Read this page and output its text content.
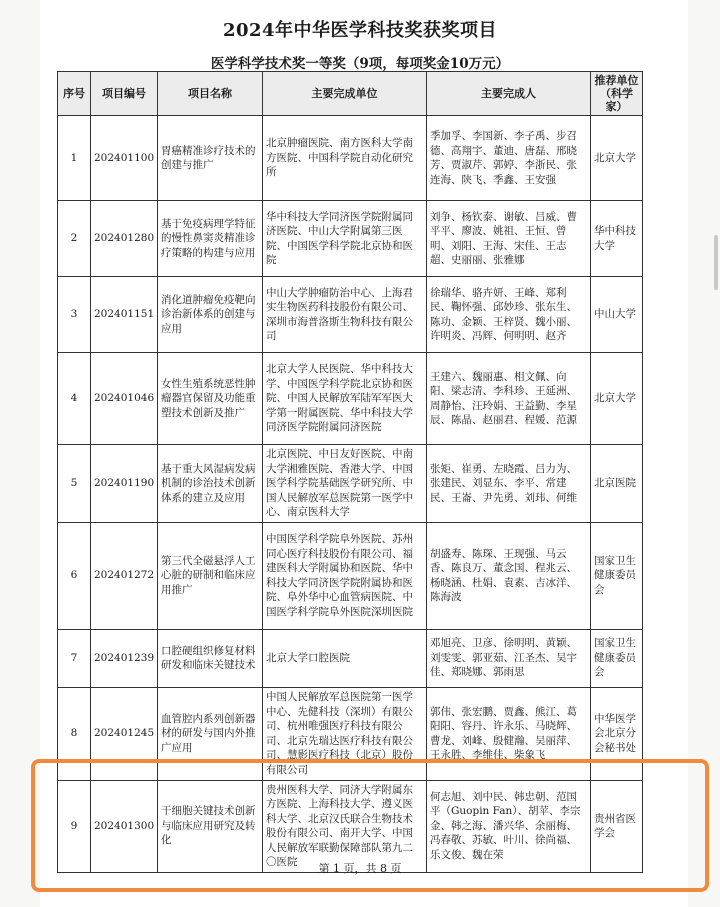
2024年中华医学科技奖获奖项目
医学科学技术奖一等奖（9项，每项奖金10万元）
序号	项目编号	项目名称	主要完成单位	主要完成人	推荐单位（科学家）
1	202401100	胃癌精准诊疗技术的创建与推广	北京肿瘤医院、南方医科大学南方医院、中国科学院自动化研究所	季加孚、李国新、李子禹、步召德、高翔宇、董迪、唐磊、邢晓芳、贾淑芹、郭婷、李浙民、张连海、陕飞、季鑫、王安强	北京大学
2	202401280	基于免疫病理学特征的慢性鼻窦炎精准诊疗策略的构建与应用	华中科技大学同济医学院附属同济医院、中山大学附属第三医院、中国医学科学院北京协和医院	刘争、杨钦泰、谢敏、吕威、曹平平、廖波、姚祖、王恒、曾明、刘阳、王海、宋佳、王志超、史丽丽、张雅娜	华中科技大学
3	202401151	消化道肿瘤免疫靶向诊治新体系的创建与应用	中山大学肿瘤防治中心、上海君实生物医药科技股份有限公司、深圳市海普洛斯生物科技有限公司	徐瑞华、骆卉妍、王峰、郑利民、鞠怀强、邱妙珍、张东生、陈功、金颖、王梓贤、魏小丽、许明炎、冯辉、何明明、赵齐	中山大学
4	202401046	女性生殖系统恶性肿瘤器官保留及功能重塑技术创新及推广	北京大学人民医院、华中科技大学、中国医学科学院北京协和医院、中国人民解放军陆军军医大学第一附属医院、华中科技大学同济医学院附属同济医院	王建六、魏丽惠、相文佩、向阳、梁志清、李科珍、王延洲、周静怡、汪玲娟、王益勤、李星辰、陈晶、赵丽君、程媛、范源	北京大学
5	202401190	基于重大风湿病发病机制的诊治技术创新体系的建立及应用	北京医院、中日友好医院、中南大学湘雅医院、香港大学、中国医学科学院基础医学研究所、中国人民解放军总医院第一医学中心、南京医科大学	张矩、崔勇、左晓霞、吕力为、张建民、刘显东、李平、常建民、王崙、尹先勇、刘玮、何维	北京医院
6	202401272	第三代全磁悬浮人工心脏的研制和临床应用推广	中国医学科学院阜外医院、苏州同心医疗科技股份有限公司、福建医科大学附属协和医院、华中科技大学同济医学院附属协和医院、阜外华中心血管病医院、中国医学科学院阜外医院深圳医院	胡盛寿、陈琛、王现强、马云香、陈良万、董念国、程兆云、杨晓涵、杜娟、袁素、吉冰洋、陈海波	国家卫生健康委员会
7	202401239	口腔硬组织修复材料研发和临床关键技术	北京大学口腔医院	邓旭亮、卫彦、徐明明、黄颖、刘雯雯、郭亚茹、江圣杰、吴宇佳、郑晓娜、郭雨思	国家卫生健康委员会
8	202401245	血管腔内系列创新器材的研发与国内外推广应用	中国人民解放军总医院第一医学中心、先健科技（深圳）有限公司、杭州唯强医疗科技有限公司、北京先瑞达医疗科技有限公司、慧影医疗科技（北京）股份有限公司	郭伟、张宏鹏、贾鑫、熊江、葛阳阳、容丹、许永乐、马晓辉、曹龙、刘峰、殷健瀚、吴丽萍、王永胜、李维佳、柴象飞	中华医学会北京分会秘书处
9	202401300	干细胞关键技术创新与临床应用研究及转化	贵州医科大学、同济大学附属东方医院、上海科技大学、遵义医科大学、北京汉氏联合生物技术股份有限公司、南开大学、中国人民解放军联勤保障部队第九二〇医院	何志旭、刘中民、韩忠朝、范国平（Guopin Fan）、胡苹、李宗金、韩之海、潘兴华、余丽梅、冯春敬、苏敏、叶川、徐尚福、乐文俊、魏在荣	贵州省医学会
第 1 页，共 8 页
